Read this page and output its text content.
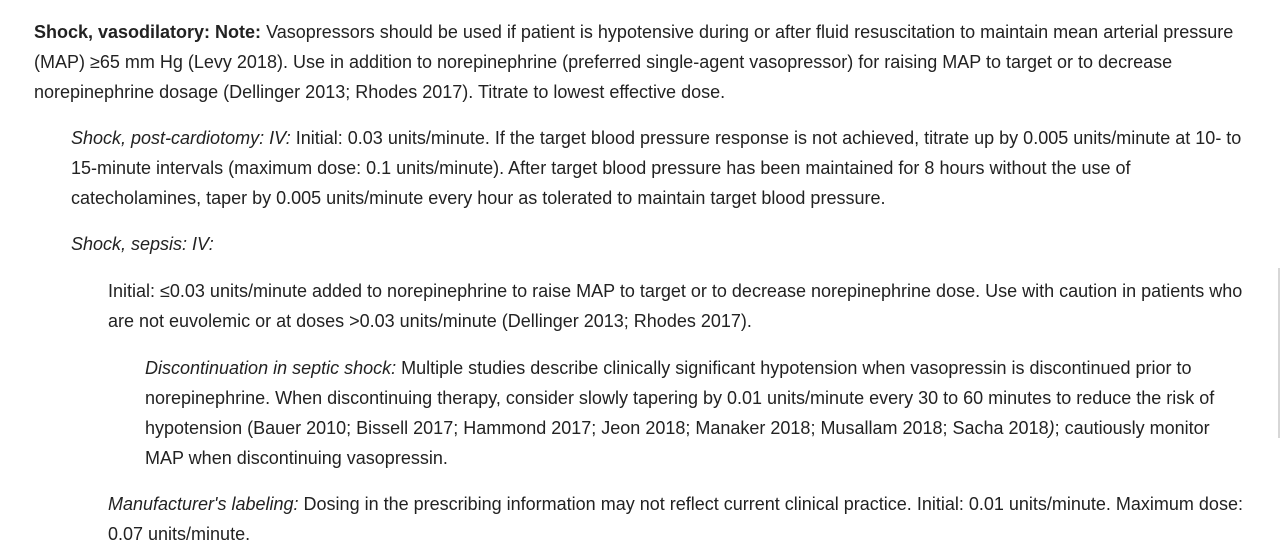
Shock, vasodilatory: Note: Vasopressors should be used if patient is hypotensive during or after fluid resuscitation to maintain mean arterial pressure (MAP) ≥65 mm Hg (Levy 2018). Use in addition to norepinephrine (preferred single-agent vasopressor) for raising MAP to target or to decrease norepinephrine dosage (Dellinger 2013; Rhodes 2017). Titrate to lowest effective dose.

Shock, post-cardiotomy: IV: Initial: 0.03 units/minute. If the target blood pressure response is not achieved, titrate up by 0.005 units/minute at 10- to 15-minute intervals (maximum dose: 0.1 units/minute). After target blood pressure has been maintained for 8 hours without the use of catecholamines, taper by 0.005 units/minute every hour as tolerated to maintain target blood pressure.

Shock, sepsis: IV:

Initial: ≤0.03 units/minute added to norepinephrine to raise MAP to target or to decrease norepinephrine dose. Use with caution in patients who are not euvolemic or at doses >0.03 units/minute (Dellinger 2013; Rhodes 2017).

Discontinuation in septic shock: Multiple studies describe clinically significant hypotension when vasopressin is discontinued prior to norepinephrine. When discontinuing therapy, consider slowly tapering by 0.01 units/minute every 30 to 60 minutes to reduce the risk of hypotension (Bauer 2010; Bissell 2017; Hammond 2017; Jeon 2018; Manaker 2018; Musallam 2018; Sacha 2018); cautiously monitor MAP when discontinuing vasopressin.

Manufacturer's labeling: Dosing in the prescribing information may not reflect current clinical practice. Initial: 0.01 units/minute. Maximum dose: 0.07 units/minute.
